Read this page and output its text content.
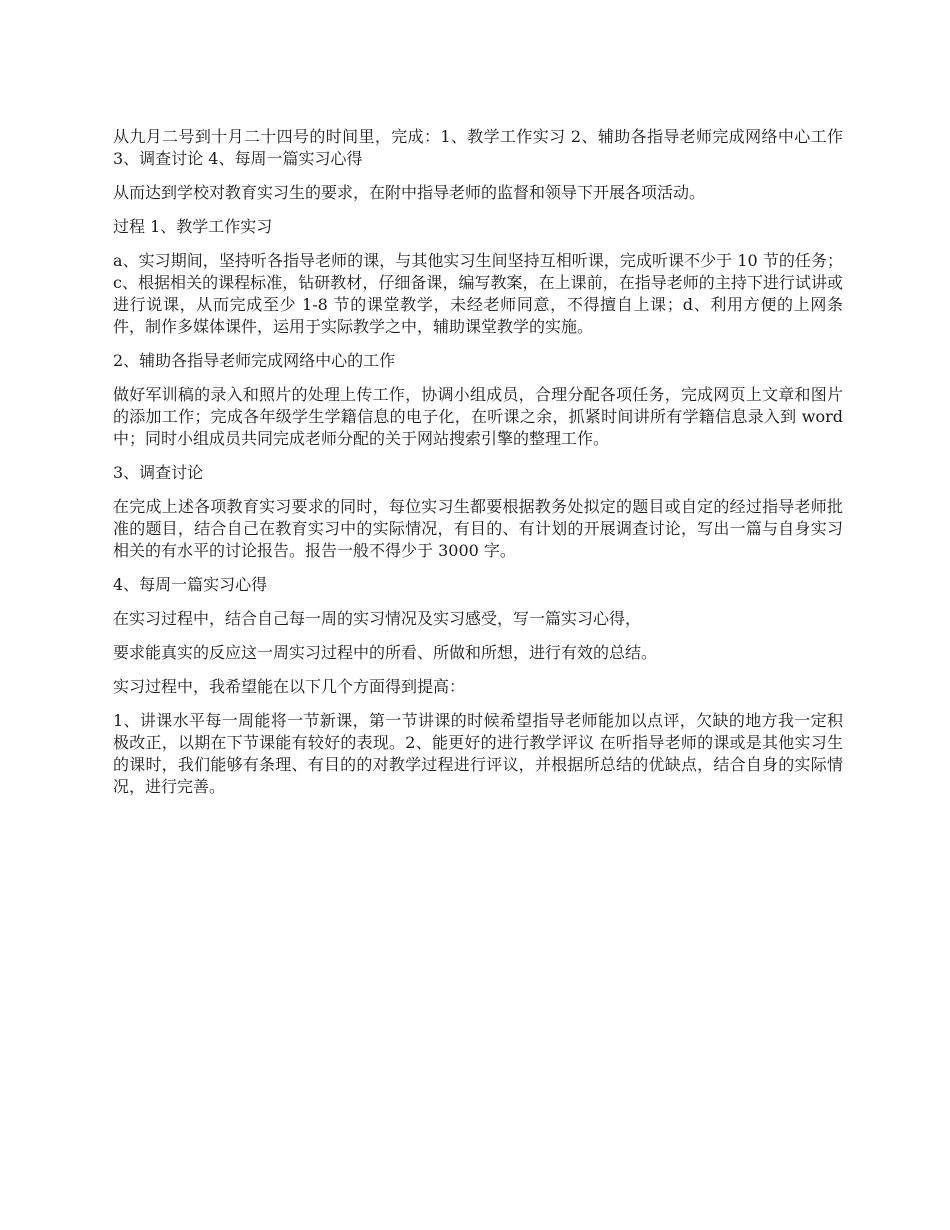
从九月二号到十月二十四号的时间里，完成：1、教学工作实习 2、辅助各指导老师完成网络中心工作 3、调查讨论 4、每周一篇实习心得

从而达到学校对教育实习生的要求，在附中指导老师的监督和领导下开展各项活动。

过程 1、教学工作实习

a、实习期间，坚持听各指导老师的课，与其他实习生间坚持互相听课，完成听课不少于 10 节的任务； c、根据相关的课程标准，钻研教材，仔细备课，编写教案，在上课前，在指导老师的主持下进行试讲或进行说课，从而完成至少 1-8 节的课堂教学，未经老师同意，不得擅自上课；d、利用方便的上网条件，制作多媒体课件，运用于实际教学之中，辅助课堂教学的实施。

2、辅助各指导老师完成网络中心的工作

做好军训稿的录入和照片的处理上传工作，协调小组成员，合理分配各项任务，完成网页上文章和图片的添加工作；完成各年级学生学籍信息的电子化，在听课之余，抓紧时间讲所有学籍信息录入到 word 中；同时小组成员共同完成老师分配的关于网站搜索引擎的整理工作。

3、调查讨论

在完成上述各项教育实习要求的同时，每位实习生都要根据教务处拟定的题目或自定的经过指导老师批准的题目，结合自己在教育实习中的实际情况，有目的、有计划的开展调查讨论，写出一篇与自身实习相关的有水平的讨论报告。报告一般不得少于 3000 字。

4、每周一篇实习心得

在实习过程中，结合自己每一周的实习情况及实习感受，写一篇实习心得，

要求能真实的反应这一周实习过程中的所看、所做和所想，进行有效的总结。

实习过程中，我希望能在以下几个方面得到提高：

1、讲课水平每一周能将一节新课，第一节讲课的时候希望指导老师能加以点评，欠缺的地方我一定积极改正，以期在下节课能有较好的表现。2、能更好的进行教学评议 在听指导老师的课或是其他实习生的课时，我们能够有条理、有目的的对教学过程进行评议，并根据所总结的优缺点，结合自身的实际情况，进行完善。
